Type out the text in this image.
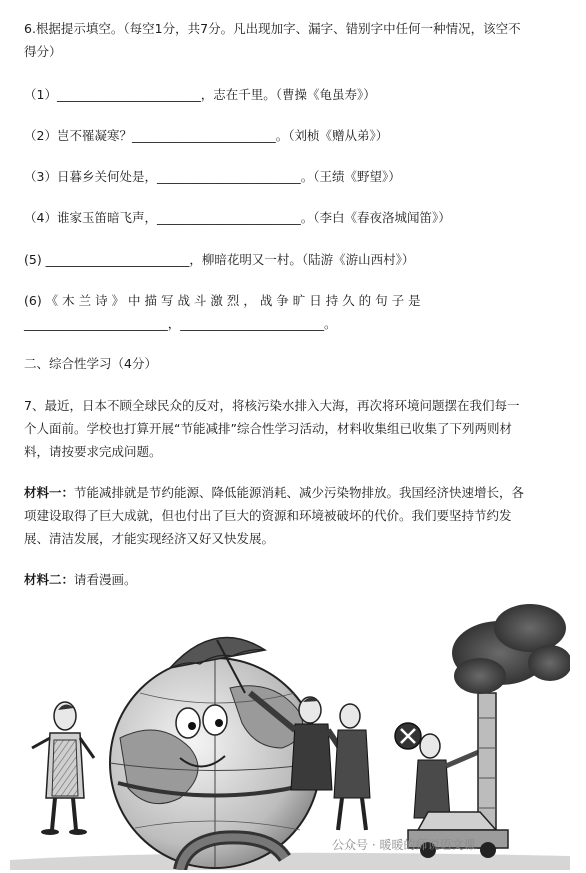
6.根据提示填空。（每空1分，共7分。凡出现加字、漏字、错别字中任何一种情况，该空不
得分）
（1）_______________________，志在千里。（曹操《龟虽寿》）
（2）岂不罹凝寒？_______________________。（刘桢《赠从弟》）
（3）日暮乡关何处是，_______________________。（王绩《野望》）
（4）谁家玉笛暗飞声，_______________________。（李白《春夜洛城闻笛》）
(5) _______________________，柳暗花明又一村。（陆游《游山西村》）
(6) 《 木 兰 诗 》 中 描 写 战 斗 激 烈 ， 战 争 旷 日 持 久 的 句 子 是
_______________________，_______________________。
二、综合性学习（4分）
7、最近，日本不顾全球民众的反对，将核污染水排入大海，再次将环境问题摆在我们每一
个人面前。学校也打算开展“节能减排”综合性学习活动，材料收集组已收集了下列两则材
料，请按要求完成问题。
材料一：节能减排就是节约能源、降低能源消耗、减少污染物排放。我国经济快速增长，各
项建设取得了巨大成就，但也付出了巨大的资源和环境被破坏的代价。我们要坚持节约发
展、清洁发展，才能实现经济又好又快发展。
材料二：请看漫画。
公众号 · 暖暖的师说语文课
